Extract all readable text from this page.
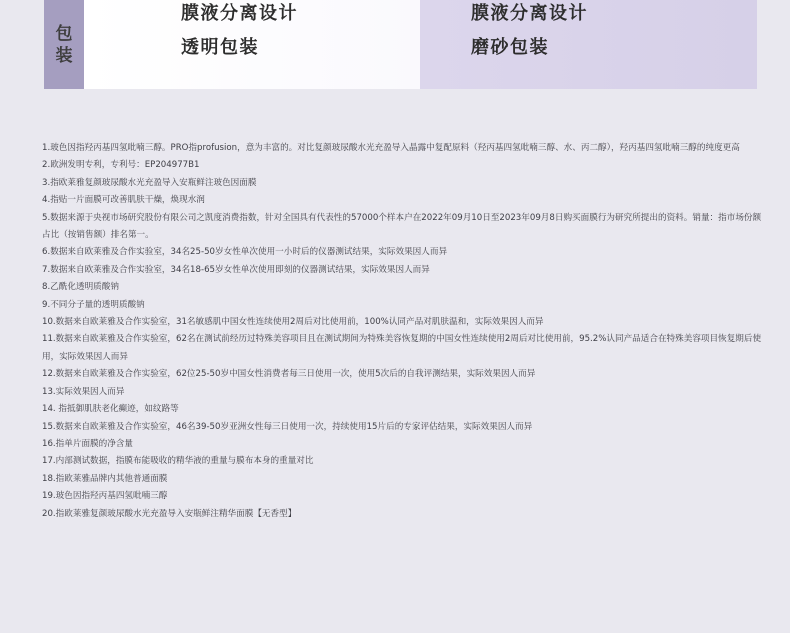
包
装
膜液分离设计
透明包装
膜液分离设计
磨砂包装
1.玻色因指羟丙基四氢吡喃三醇。PRO指profusion，意为丰富的。对比复颜玻尿酸水光充盈导入晶露中复配原料（羟丙基四氢吡喃三醇、水、丙二醇），羟丙基四氢吡喃三醇的纯度更高
2.欧洲发明专利，专利号：EP204977B1
3.指欧莱雅复颜玻尿酸水光充盈导入安瓶鲜注玻色因面膜
4.指贴一片面膜可改善肌肤干燥，焕现水润
5.数据来源于央视市场研究股份有限公司之凯度消费指数，针对全国具有代表性的57000个样本户在2022年09月10日至2023年09月8日购买面膜行为研究所提出的资料。销量：指市场份额占比（按销售额）排名第一。
6.数据来自欧莱雅及合作实验室，34名25-50岁女性单次使用一小时后的仪器测试结果，实际效果因人而异
7.数据来自欧莱雅及合作实验室，34名18-65岁女性单次使用即刻的仪器测试结果，实际效果因人而异
8.乙酰化透明质酸钠
9.不同分子量的透明质酸钠
10.数据来自欧莱雅及合作实验室，31名敏感肌中国女性连续使用2周后对比使用前，100%认同产品对肌肤温和，实际效果因人而异
11.数据来自欧莱雅及合作实验室，62名在测试前经历过特殊美容项目且在测试期间为特殊美容恢复期的中国女性连续使用2周后对比使用前，95.2%认同产品适合在特殊美容项目恢复期后使用，实际效果因人而异
12.数据来自欧莱雅及合作实验室，62位25-50岁中国女性消费者每三日使用一次，使用5次后的自我评测结果，实际效果因人而异
13.实际效果因人而异
14. 指抵御肌肤老化癫迹，如纹路等
15.数据来自欧莱雅及合作实验室，46名39-50岁亚洲女性每三日使用一次，持续使用15片后的专家评估结果，实际效果因人而异
16.指单片面膜的净含量
17.内部测试数据，指膜布能吸收的精华液的重量与膜布本身的重量对比
18.指欧莱雅品牌内其他普通面膜
19.玻色因指羟丙基四氢吡喃三醇
20.指欧莱雅复颜玻尿酸水光充盈导入安瓶鲜注精华面膜【无香型】
